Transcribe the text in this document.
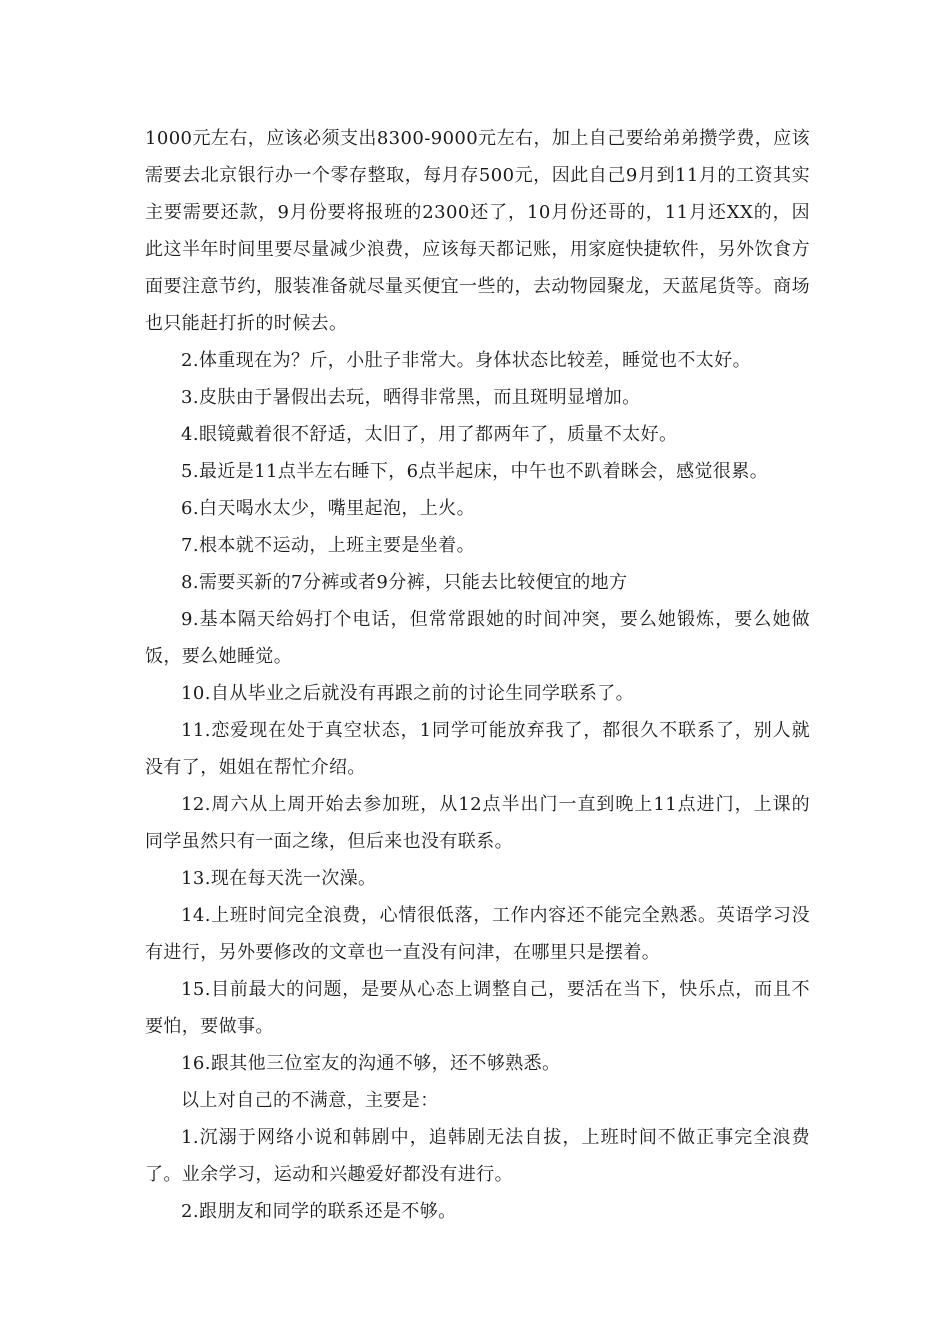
1000元左右，应该必须支出8300-9000元左右，加上自己要给弟弟攒学费，应该需要去北京银行办一个零存整取，每月存500元，因此自己9月到11月的工资其实主要需要还款，9月份要将报班的2300还了，10月份还哥的，11月还XX的，因此这半年时间里要尽量减少浪费，应该每天都记账，用家庭快捷软件，另外饮食方面要注意节约，服装准备就尽量买便宜一些的，去动物园聚龙，天蓝尾货等。商场也只能赶打折的时候去。

2.体重现在为？斤，小肚子非常大。身体状态比较差，睡觉也不太好。

3.皮肤由于暑假出去玩，晒得非常黑，而且斑明显增加。

4.眼镜戴着很不舒适，太旧了，用了都两年了，质量不太好。

5.最近是11点半左右睡下，6点半起床，中午也不趴着眯会，感觉很累。

6.白天喝水太少，嘴里起泡，上火。

7.根本就不运动，上班主要是坐着。

8.需要买新的7分裤或者9分裤，只能去比较便宜的地方

9.基本隔天给妈打个电话，但常常跟她的时间冲突，要么她锻炼，要么她做饭，要么她睡觉。

10.自从毕业之后就没有再跟之前的讨论生同学联系了。

11.恋爱现在处于真空状态，1同学可能放弃我了，都很久不联系了，别人就没有了，姐姐在帮忙介绍。

12.周六从上周开始去参加班，从12点半出门一直到晚上11点进门，上课的同学虽然只有一面之缘，但后来也没有联系。

13.现在每天洗一次澡。

14.上班时间完全浪费，心情很低落，工作内容还不能完全熟悉。英语学习没有进行，另外要修改的文章也一直没有问津，在哪里只是摆着。

15.目前最大的问题，是要从心态上调整自己，要活在当下，快乐点，而且不要怕，要做事。

16.跟其他三位室友的沟通不够，还不够熟悉。

以上对自己的不满意，主要是：

1.沉溺于网络小说和韩剧中，追韩剧无法自拔，上班时间不做正事完全浪费了。业余学习，运动和兴趣爱好都没有进行。

2.跟朋友和同学的联系还是不够。
